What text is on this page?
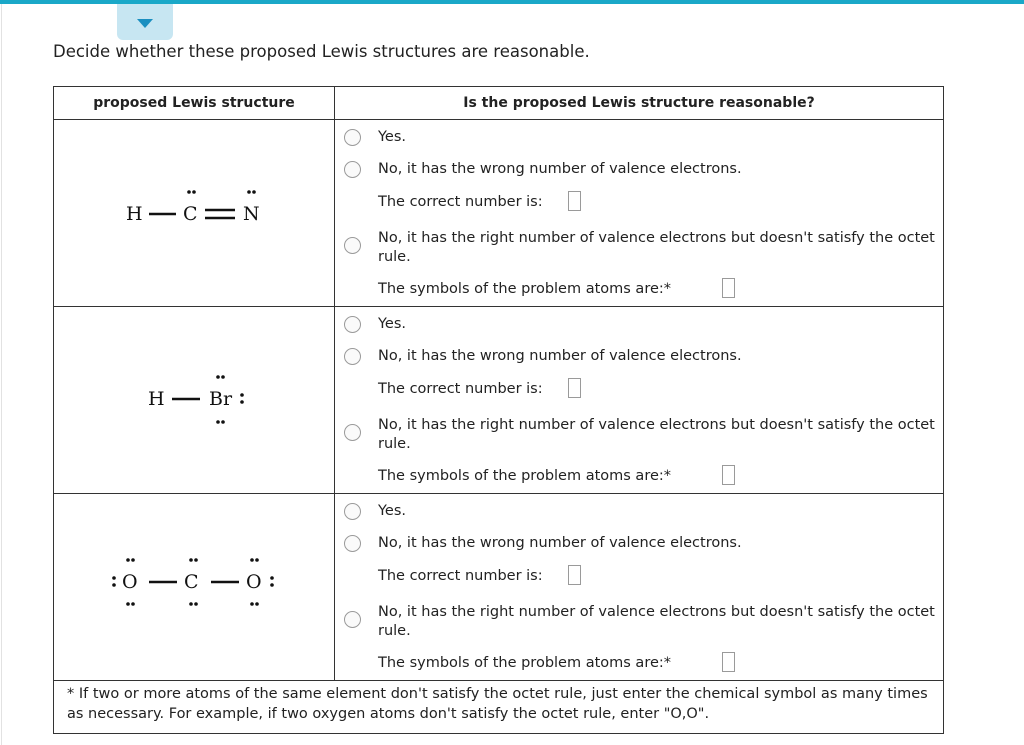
Decide whether these proposed Lewis structures are reasonable.
proposed Lewis structure	Is the proposed Lewis structure reasonable?
H C N
Yes.
No, it has the wrong number of valence electrons.
The correct number is:
No, it has the right number of valence electrons but doesn't satisfy the octet rule.
The symbols of the problem atoms are:*
H Br
Yes.
No, it has the wrong number of valence electrons.
The correct number is:
No, it has the right number of valence electrons but doesn't satisfy the octet rule.
The symbols of the problem atoms are:*
O C O
Yes.
No, it has the wrong number of valence electrons.
The correct number is:
No, it has the right number of valence electrons but doesn't satisfy the octet rule.
The symbols of the problem atoms are:*
* If two or more atoms of the same element don't satisfy the octet rule, just enter the chemical symbol as many times as necessary. For example, if two oxygen atoms don't satisfy the octet rule, enter "O,O".
